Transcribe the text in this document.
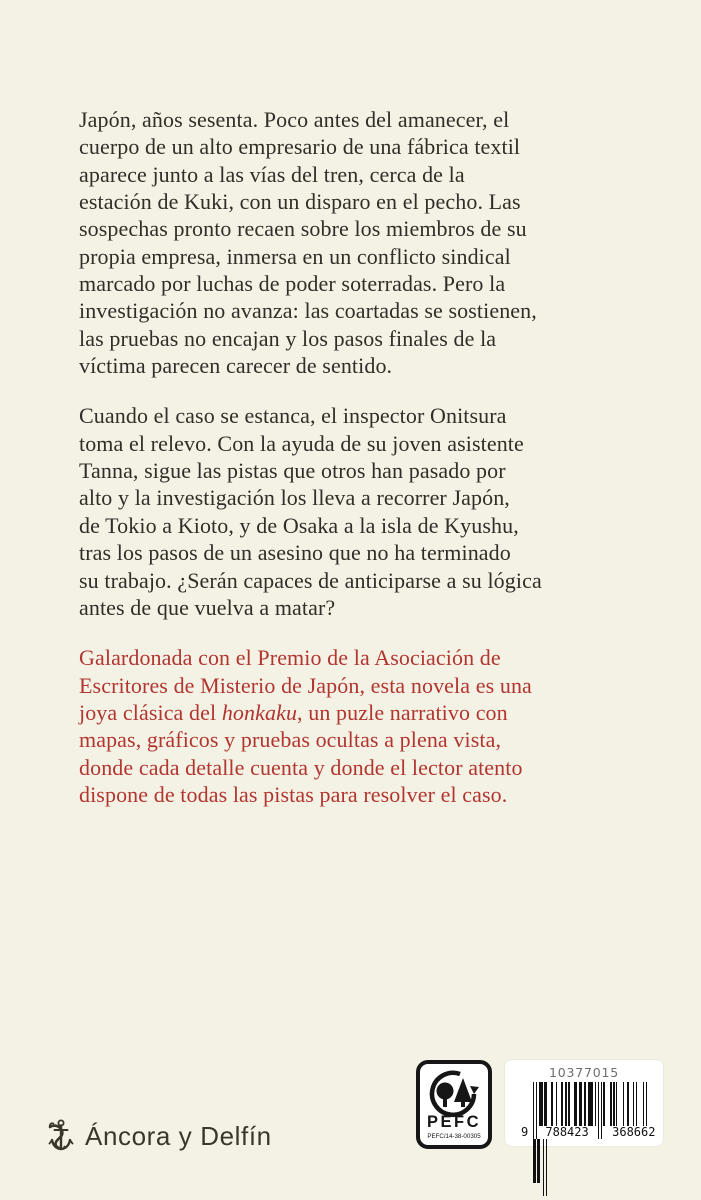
Japón, años sesenta. Poco antes del amanecer, el
cuerpo de un alto empresario de una fábrica textil
aparece junto a las vías del tren, cerca de la
estación de Kuki, con un disparo en el pecho. Las
sospechas pronto recaen sobre los miembros de su
propia empresa, inmersa en un conflicto sindical
marcado por luchas de poder soterradas. Pero la
investigación no avanza: las coartadas se sostienen,
las pruebas no encajan y los pasos finales de la
víctima parecen carecer de sentido.
Cuando el caso se estanca, el inspector Onitsura
toma el relevo. Con la ayuda de su joven asistente
Tanna, sigue las pistas que otros han pasado por
alto y la investigación los lleva a recorrer Japón,
de Tokio a Kioto, y de Osaka a la isla de Kyushu,
tras los pasos de un asesino que no ha terminado
su trabajo. ¿Serán capaces de anticiparse a su lógica
antes de que vuelva a matar?
Galardonada con el Premio de la Asociación de
Escritores de Misterio de Japón, esta novela es una
joya clásica del honkaku, un puzle narrativo con
mapas, gráficos y pruebas ocultas a plena vista,
donde cada detalle cuenta y donde el lector atento
dispone de todas las pistas para resolver el caso.
Áncora y Delfín	PEFC
PEFC/14-38-00305
10377015
9	788423	368662
